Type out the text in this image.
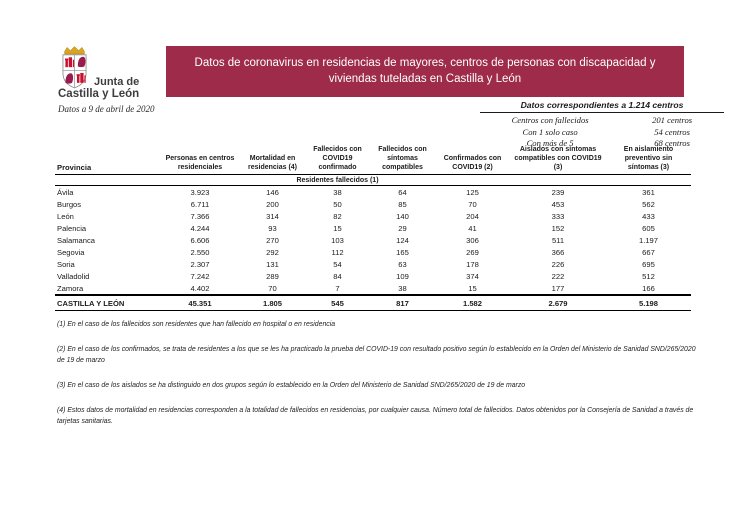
Junta de
Castilla y León
Datos a 9 de abril de 2020
Datos de coronavirus en residencias de mayores, centros de personas con discapacidad y viviendas tuteladas en Castilla y León
Datos correspondientes a 1.214 centros
Centros con fallecidos	201 centros
Con 1 solo caso	54 centros
Con más de 5	68 centros
Provincia	Personas en centros residenciales	Mortalidad en residencias (4)	Fallecidos con COVID19 confirmado	Fallecidos con síntomas compatibles	Confirmados con COVID19 (2)	Aislados con síntomas compatibles con COVID19 (3)	En aislamiento preventivo sin síntomas (3)
		Residentes fallecidos (1)					
Ávila	3.923	146	38	64	125	239	361
Burgos	6.711	200	50	85	70	453	562
León	7.366	314	82	140	204	333	433
Palencia	4.244	93	15	29	41	152	605
Salamanca	6.606	270	103	124	306	511	1.197
Segovia	2.550	292	112	165	269	366	667
Soria	2.307	131	54	63	178	226	695
Valladolid	7.242	289	84	109	374	222	512
Zamora	4.402	70	7	38	15	177	166
CASTILLA Y LEÓN	45.351	1.805	545	817	1.582	2.679	5.198

(1) En el caso de los fallecidos son residentes que han fallecido en hospital o en residencia

(2) En el caso de los confirmados, se trata de residentes a los que se les ha practicado la prueba del COVID-19 con resultado positivo según lo establecido en la Orden del Ministerio de Sanidad SND/265/2020 de 19 de marzo

(3) En el caso de los aislados se ha distinguido en dos grupos según lo establecido en la Orden del Ministerio de Sanidad SND/265/2020 de 19 de marzo

(4) Estos datos de mortalidad en residencias corresponden a la totalidad de fallecidos en residencias, por cualquier causa. Número total de fallecidos. Datos obtenidos por la Consejería de Sanidad a través de tarjetas sanitarias.
